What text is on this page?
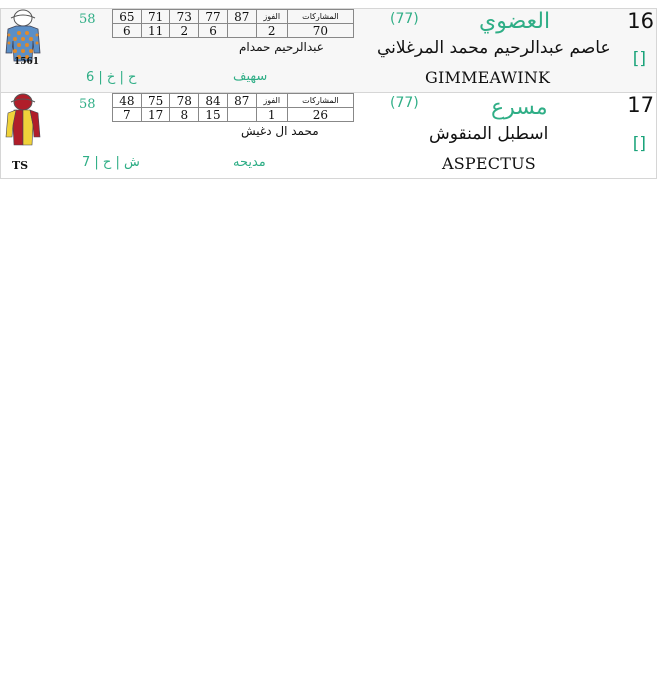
1561
58
6 | ح | خ
65	71	73	77	87	الفوز	المشاركات
6	11	2	6		2	70
عبدالرحيم حمدام
سهيف
(77)	العضوي
عاصم عبدالرحيم محمد المرغلاني
GIMMEAWINK
16
[]
TS
58
7 | ش | ح
48	75	78	84	87	الفوز	المشاركات
7	17	8	15		1	26
محمد ال دغيش
مديحه
(77)	مسرع
اسطبل المنقوش
ASPECTUS
17
[]
